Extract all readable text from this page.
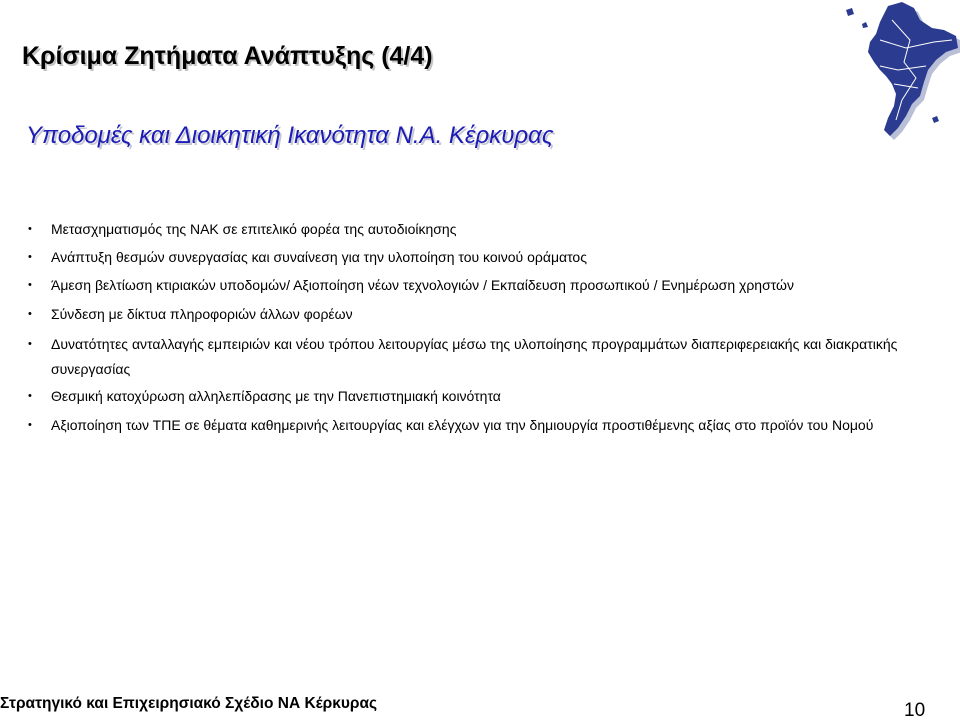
Κρίσιμα Ζητήματα Ανάπτυξης (4/4)
Υποδομές και Διοικητική Ικανότητα Ν.Α. Κέρκυρας
• Μετασχηματισμός της ΝΑΚ σε επιτελικό φορέα της αυτοδιοίκησης
• Ανάπτυξη θεσμών συνεργασίας και συναίνεση για την υλοποίηση του κοινού οράματος
• Άμεση βελτίωση κτιριακών υποδομών/ Αξιοποίηση νέων τεχνολογιών / Εκπαίδευση προσωπικού / Ενημέρωση χρηστών
• Σύνδεση με δίκτυα πληροφοριών άλλων φορέων
• Δυνατότητες ανταλλαγής εμπειριών και νέου τρόπου λειτουργίας μέσω της υλοποίησης προγραμμάτων διαπεριφερειακής και διακρατικής συνεργασίας
• Θεσμική κατοχύρωση αλληλεπίδρασης με την Πανεπιστημιακή κοινότητα
• Αξιοποίηση των ΤΠΕ σε θέματα καθημερινής λειτουργίας και ελέγχων για την δημιουργία προστιθέμενης αξίας στο προϊόν του Νομού
Στρατηγικό και Επιχειρησιακό Σχέδιο ΝΑ Κέρκυρας	10
